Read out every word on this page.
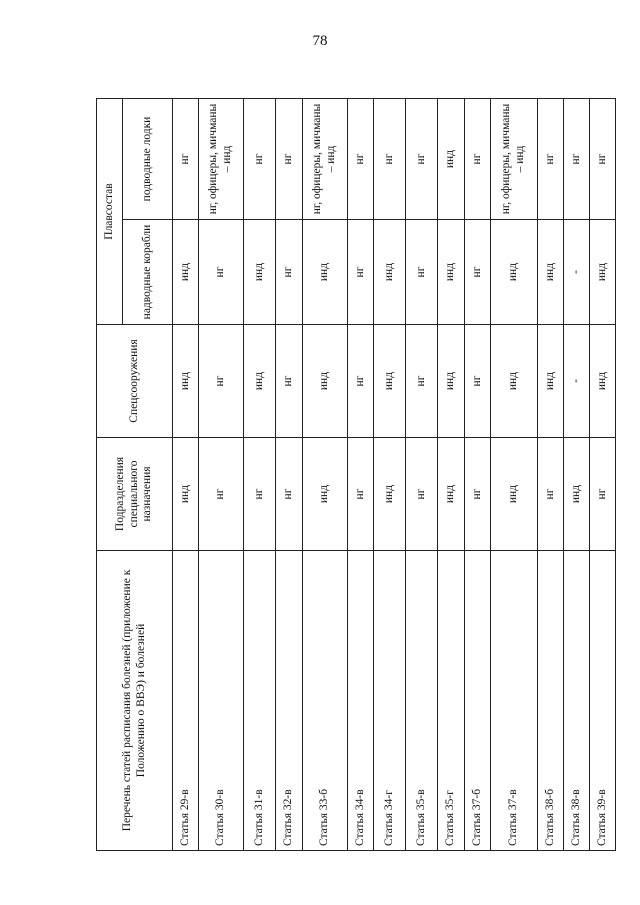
78
Перечень статей расписания болезней (приложение к Положению о ВВЭ) и болезней	Подразделения специального назначения	Спецсооружения	Плавсостав	
			надводные корабли	подводные лодки
Статья 29-в	инд	инд	инд	нг
Статья 30-в	нг	нг	нг	нг, офицеры, мичманы – инд
Статья 31-в	нг	инд	инд	нг
Статья 32-в	нг	нг	нг	нг
Статья 33-б	инд	инд	инд	нг, офицеры, мичманы – инд
Статья 34-в	нг	нг	нг	нг
Статья 34-г	инд	инд	инд	нг
Статья 35-в	нг	нг	нг	нг
Статья 35-г	инд	инд	инд	инд
Статья 37-б	нг	нг	нг	нг
Статья 37-в	инд	инд	инд	нг, офицеры, мичманы – инд
Статья 38-б	нг	инд	инд	нг
Статья 38-в	инд	-	-	нг
Статья 39-в	нг	инд	инд	нг
